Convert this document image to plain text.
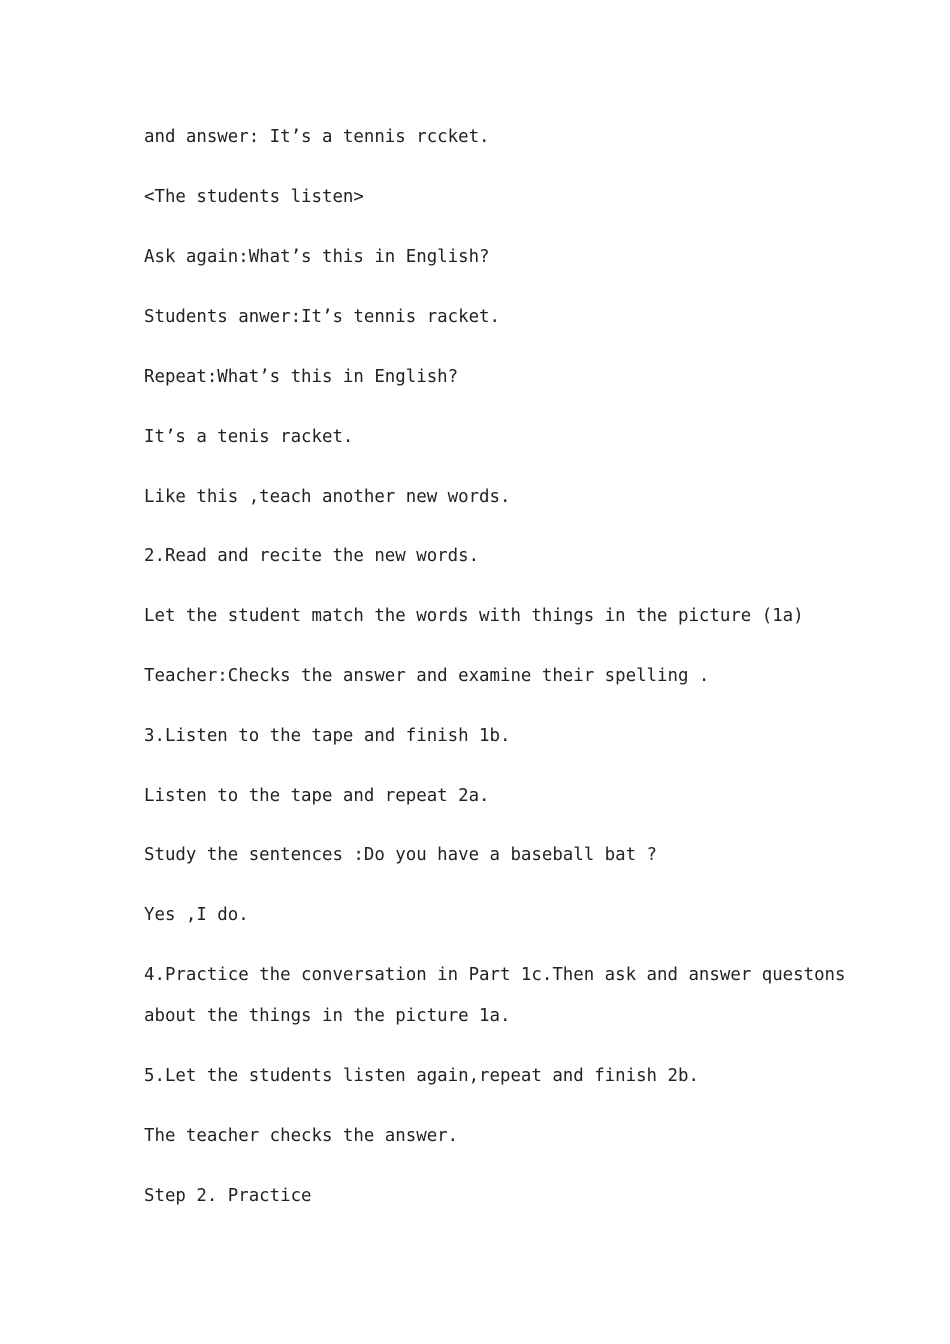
and answer: It’s a tennis rccket.

<The students listen>

Ask again:What’s this in English?

Students anwer:It’s tennis racket.

Repeat:What’s this in English?

It’s a tenis racket.

Like this ,teach another new words.

2.Read and recite the new words.

Let the student match the words with things in the picture (1a)

Teacher:Checks the answer and examine their spelling .

3.Listen to the tape and finish 1b.

Listen to the tape and repeat 2a.

Study the sentences :Do you have a baseball bat ?

Yes ,I do.

4.Practice the conversation in Part 1c.Then ask and answer questons

about the things in the picture 1a.

5.Let the students listen again,repeat and finish 2b.

The teacher checks the answer.

Step 2. Practice
